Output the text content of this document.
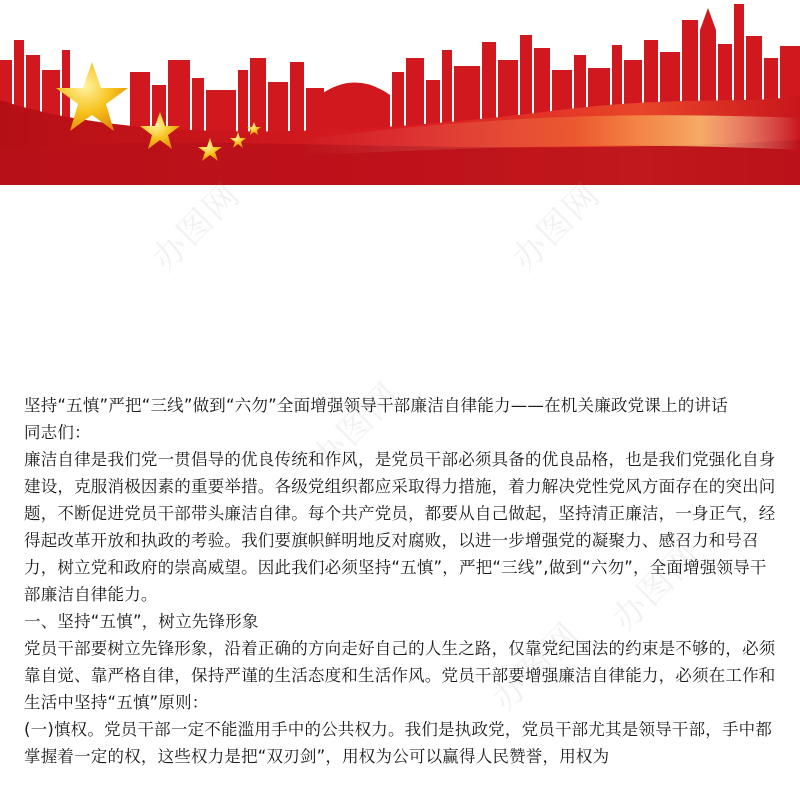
办图网	办图网
办图网
办图网
办图网

坚持“五慎”严把“三线”做到“六勿”全面增强领导干部廉洁自律能力——在机关廉政党课上的讲话

同志们：

廉洁自律是我们党一贯倡导的优良传统和作风，是党员干部必须具备的优良品格，也是我们党强化自身建设，克服消极因素的重要举措。各级党组织都应采取得力措施，着力解决党性党风方面存在的突出问题，不断促进党员干部带头廉洁自律。每个共产党员，都要从自己做起，坚持清正廉洁，一身正气，经得起改革开放和执政的考验。我们要旗帜鲜明地反对腐败，以进一步增强党的凝聚力、感召力和号召力，树立党和政府的崇高威望。因此我们必须坚持“五慎”，严把“三线”,做到“六勿”，全面增强领导干部廉洁自律能力。

一、坚持“五慎”，树立先锋形象

党员干部要树立先锋形象，沿着正确的方向走好自己的人生之路，仅靠党纪国法的约束是不够的，必须靠自觉、靠严格自律，保持严谨的生活态度和生活作风。党员干部要增强廉洁自律能力，必须在工作和生活中坚持“五慎”原则：

(一)慎权。党员干部一定不能滥用手中的公共权力。我们是执政党，党员干部尤其是领导干部，手中都掌握着一定的权，这些权力是把“双刃剑”，用权为公可以赢得人民赞誉，用权为
